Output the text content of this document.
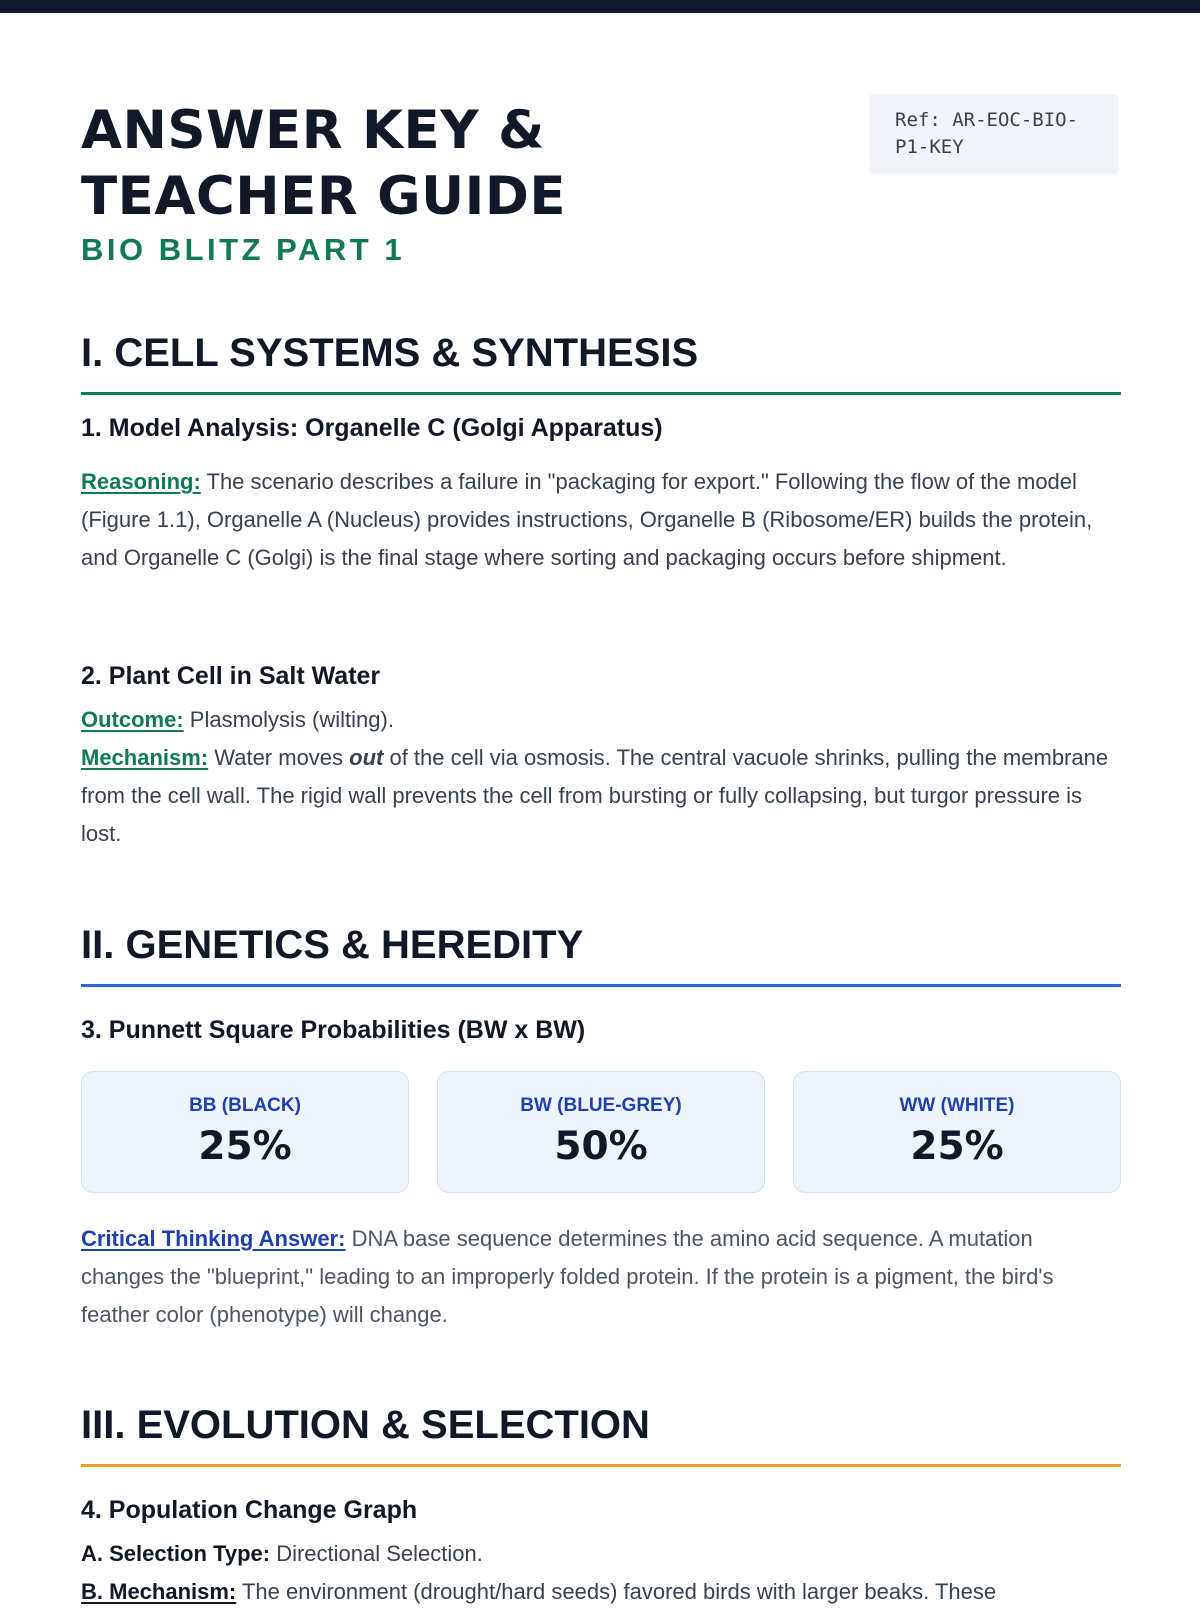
ANSWER KEY &
TEACHER GUIDE
BIO BLITZ PART 1
Ref: AR-EOC-BIO-P1-KEY
I. CELL SYSTEMS & SYNTHESIS
1. Model Analysis: Organelle C (Golgi Apparatus)

Reasoning: The scenario describes a failure in "packaging for export." Following the flow of the model (Figure 1.1), Organelle A (Nucleus) provides instructions, Organelle B (Ribosome/ER) builds the protein, and Organelle C (Golgi) is the final stage where sorting and packaging occurs before shipment.

2. Plant Cell in Salt Water

Outcome: Plasmolysis (wilting).

Mechanism: Water moves out of the cell via osmosis. The central vacuole shrinks, pulling the membrane from the cell wall. The rigid wall prevents the cell from bursting or fully collapsing, but turgor pressure is lost.

II. GENETICS & HEREDITY
3. Punnett Square Probabilities (BW x BW)
BB (BLACK)
25%
BW (BLUE-GREY)
50%
WW (WHITE)
25%

Critical Thinking Answer: DNA base sequence determines the amino acid sequence. A mutation changes the "blueprint," leading to an improperly folded protein. If the protein is a pigment, the bird's feather color (phenotype) will change.

III. EVOLUTION & SELECTION
4. Population Change Graph

A. Selection Type: Directional Selection.

B. Mechanism: The environment (drought/hard seeds) favored birds with larger beaks. These
